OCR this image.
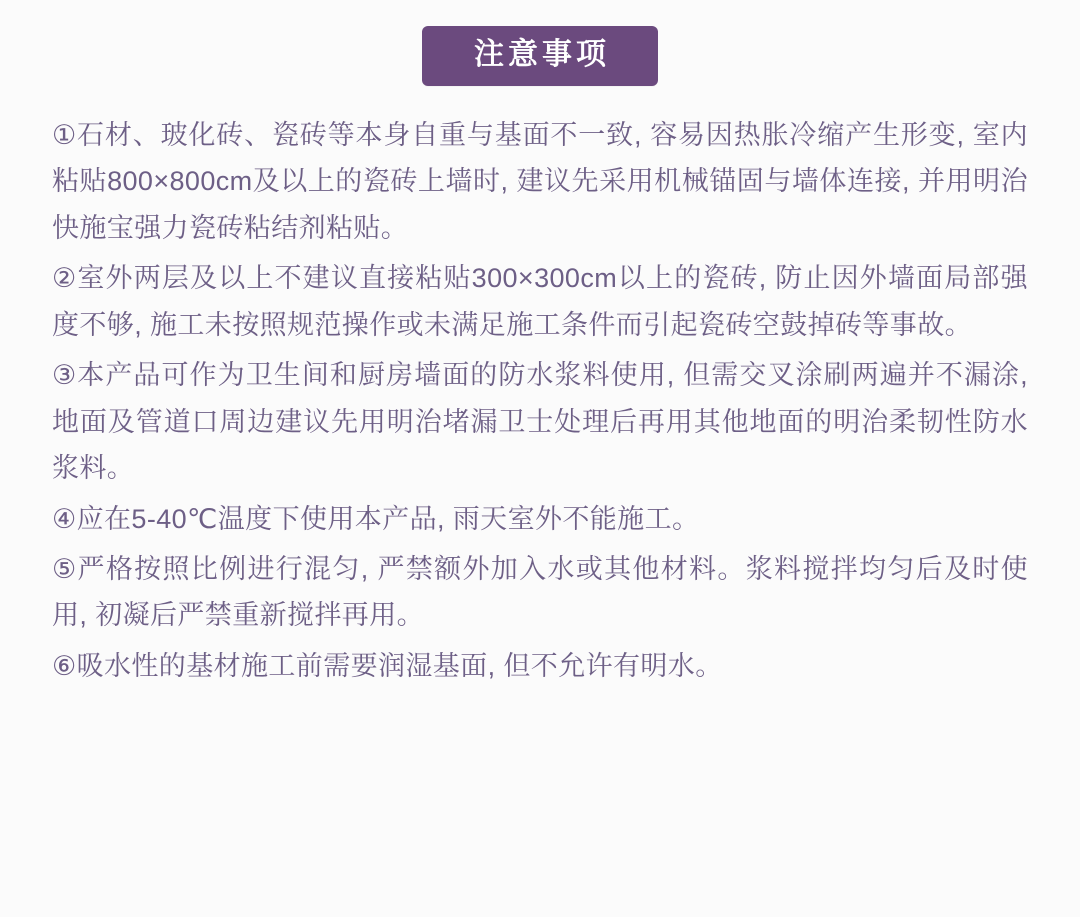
注意事项

①石材、玻化砖、瓷砖等本身自重与基面不一致, 容易因热胀冷缩产生形变, 室内粘贴800×800cm及以上的瓷砖上墙时, 建议先采用机械锚固与墙体连接, 并用明治快施宝强力瓷砖粘结剂粘贴。

②室外两层及以上不建议直接粘贴300×300cm以上的瓷砖, 防止因外墙面局部强度不够, 施工未按照规范操作或未满足施工条件而引起瓷砖空鼓掉砖等事故。

③本产品可作为卫生间和厨房墙面的防水浆料使用, 但需交叉涂刷两遍并不漏涂, 地面及管道口周边建议先用明治堵漏卫士处理后再用其他地面的明治柔韧性防水浆料。

④应在5-40℃温度下使用本产品, 雨天室外不能施工。

⑤严格按照比例进行混匀, 严禁额外加入水或其他材料。浆料搅拌均匀后及时使用, 初凝后严禁重新搅拌再用。

⑥吸水性的基材施工前需要润湿基面, 但不允许有明水。
